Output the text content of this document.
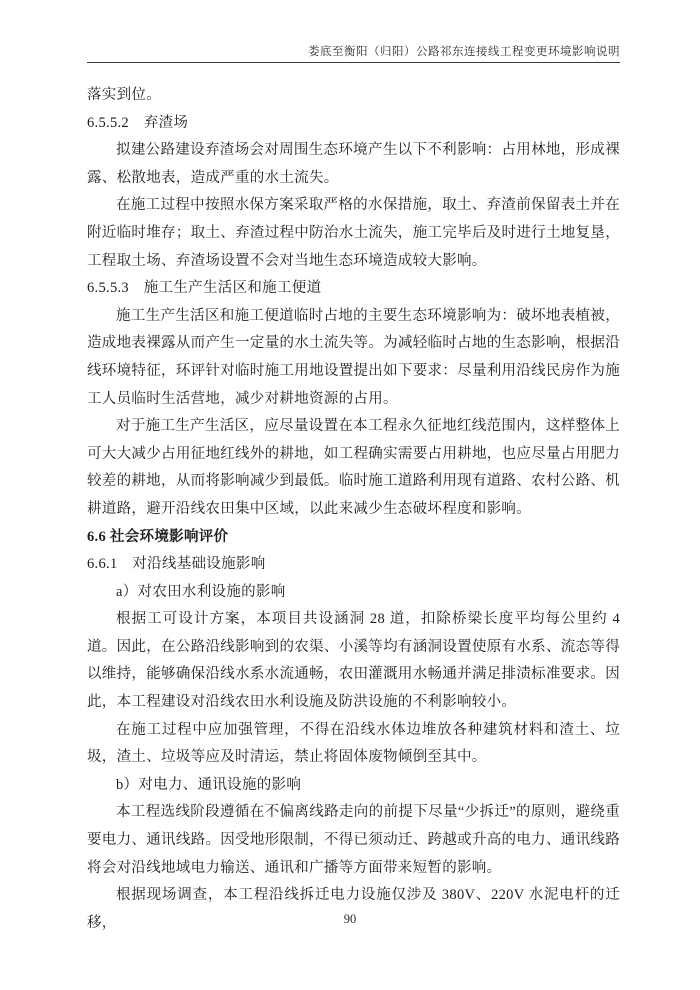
娄底至衡阳（归阳）公路祁东连接线工程变更环境影响说明

落实到位。

6.5.5.2　弃渣场

拟建公路建设弃渣场会对周围生态环境产生以下不利影响：占用林地，形成裸露、松散地表，造成严重的水土流失。

在施工过程中按照水保方案采取严格的水保措施，取土、弃渣前保留表土并在附近临时堆存；取土、弃渣过程中防治水土流失，施工完毕后及时进行土地复垦，工程取土场、弃渣场设置不会对当地生态环境造成较大影响。

6.5.5.3　施工生产生活区和施工便道

施工生产生活区和施工便道临时占地的主要生态环境影响为：破坏地表植被，造成地表裸露从而产生一定量的水土流失等。为减轻临时占地的生态影响，根据沿线环境特征，环评针对临时施工用地设置提出如下要求：尽量利用沿线民房作为施工人员临时生活营地，减少对耕地资源的占用。

对于施工生产生活区，应尽量设置在本工程永久征地红线范围内，这样整体上可大大减少占用征地红线外的耕地，如工程确实需要占用耕地，也应尽量占用肥力较差的耕地，从而将影响减少到最低。临时施工道路利用现有道路、农村公路、机耕道路，避开沿线农田集中区域，以此来减少生态破坏程度和影响。

6.6 社会环境影响评价

6.6.1　对沿线基础设施影响

a）对农田水利设施的影响

根据工可设计方案，本项目共设涵洞 28 道，扣除桥梁长度平均每公里约 4 道。因此，在公路沿线影响到的农渠、小溪等均有涵洞设置使原有水系、流态等得以维持，能够确保沿线水系水流通畅，农田灌溉用水畅通并满足排渍标准要求。因此，本工程建设对沿线农田水利设施及防洪设施的不利影响较小。

在施工过程中应加强管理，不得在沿线水体边堆放各种建筑材料和渣土、垃圾，渣土、垃圾等应及时清运，禁止将固体废物倾倒至其中。

b）对电力、通讯设施的影响

本工程选线阶段遵循在不偏离线路走向的前提下尽量“少拆迁”的原则，避绕重要电力、通讯线路。因受地形限制，不得已须动迁、跨越或升高的电力、通讯线路将会对沿线地域电力输送、通讯和广播等方面带来短暂的影响。

根据现场调查，本工程沿线拆迁电力设施仅涉及 380V、220V 水泥电杆的迁移，	90
